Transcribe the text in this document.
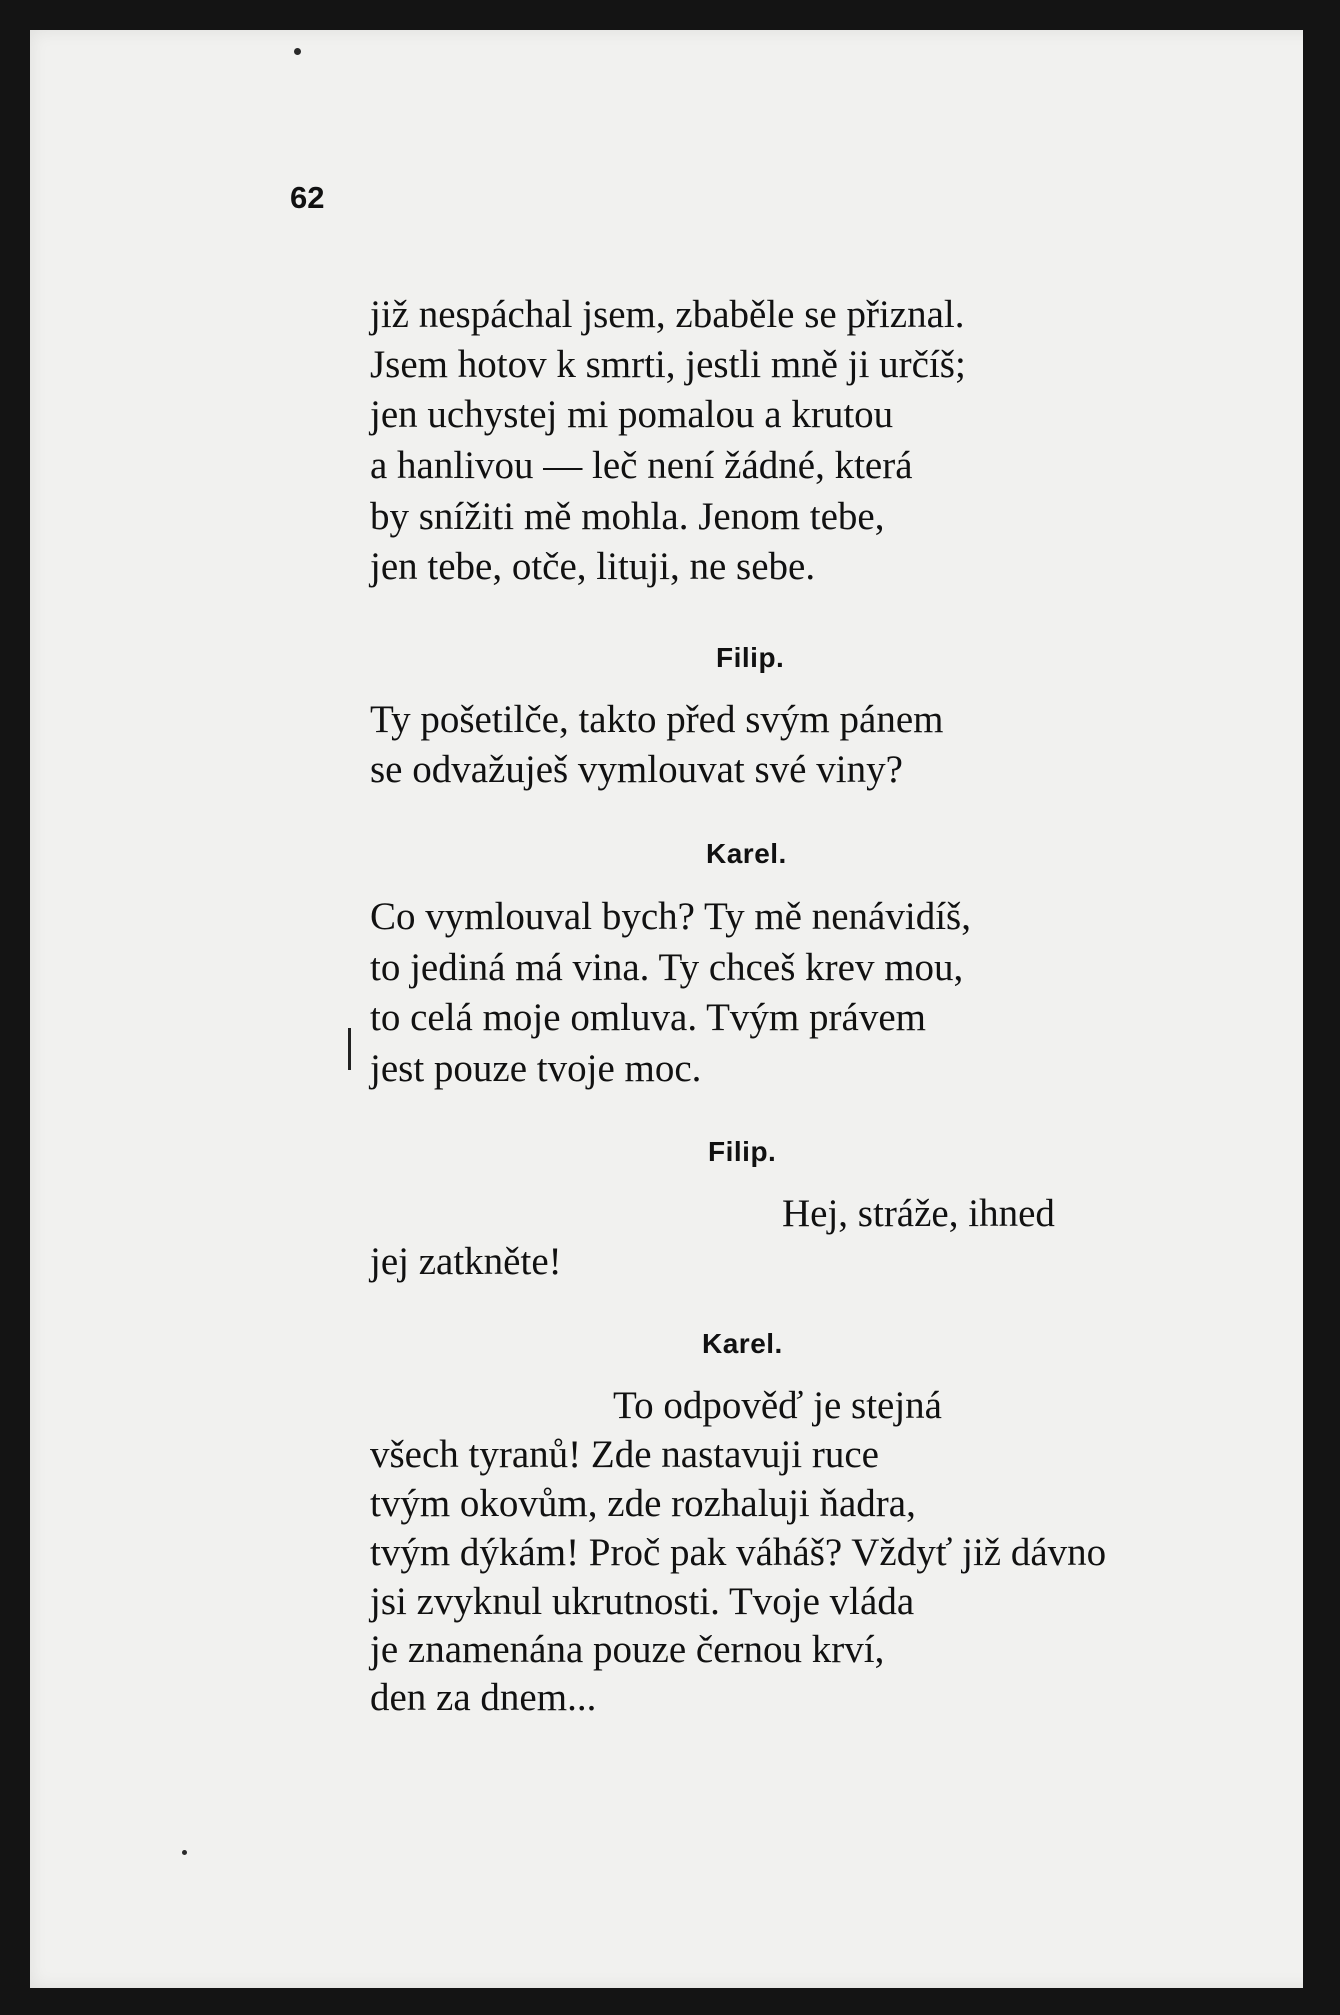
62
již nespáchal jsem, zbaběle se přiznal.
Jsem hotov k smrti, jestli mně ji určíš;
jen uchystej mi pomalou a krutou
a hanlivou — leč není žádné, která
by snížiti mě mohla. Jenom tebe,
jen tebe, otče, lituji, ne sebe.
Filip.
Ty pošetilče, takto před svým pánem
se odvažuješ vymlouvat své viny?
Karel.
Co vymlouval bych? Ty mě nenávidíš,
to jediná má vina. Ty chceš krev mou,
to celá moje omluva. Tvým právem
jest pouze tvoje moc.
Filip.
Hej, stráže, ihned
jej zatkněte!
Karel.
To odpověď je stejná
všech tyranů! Zde nastavuji ruce
tvým okovům, zde rozhaluji ňadra,
tvým dýkám! Proč pak váháš? Vždyť již dávno
jsi zvyknul ukrutnosti. Tvoje vláda
je znamenána pouze černou krví,
den za dnem...
